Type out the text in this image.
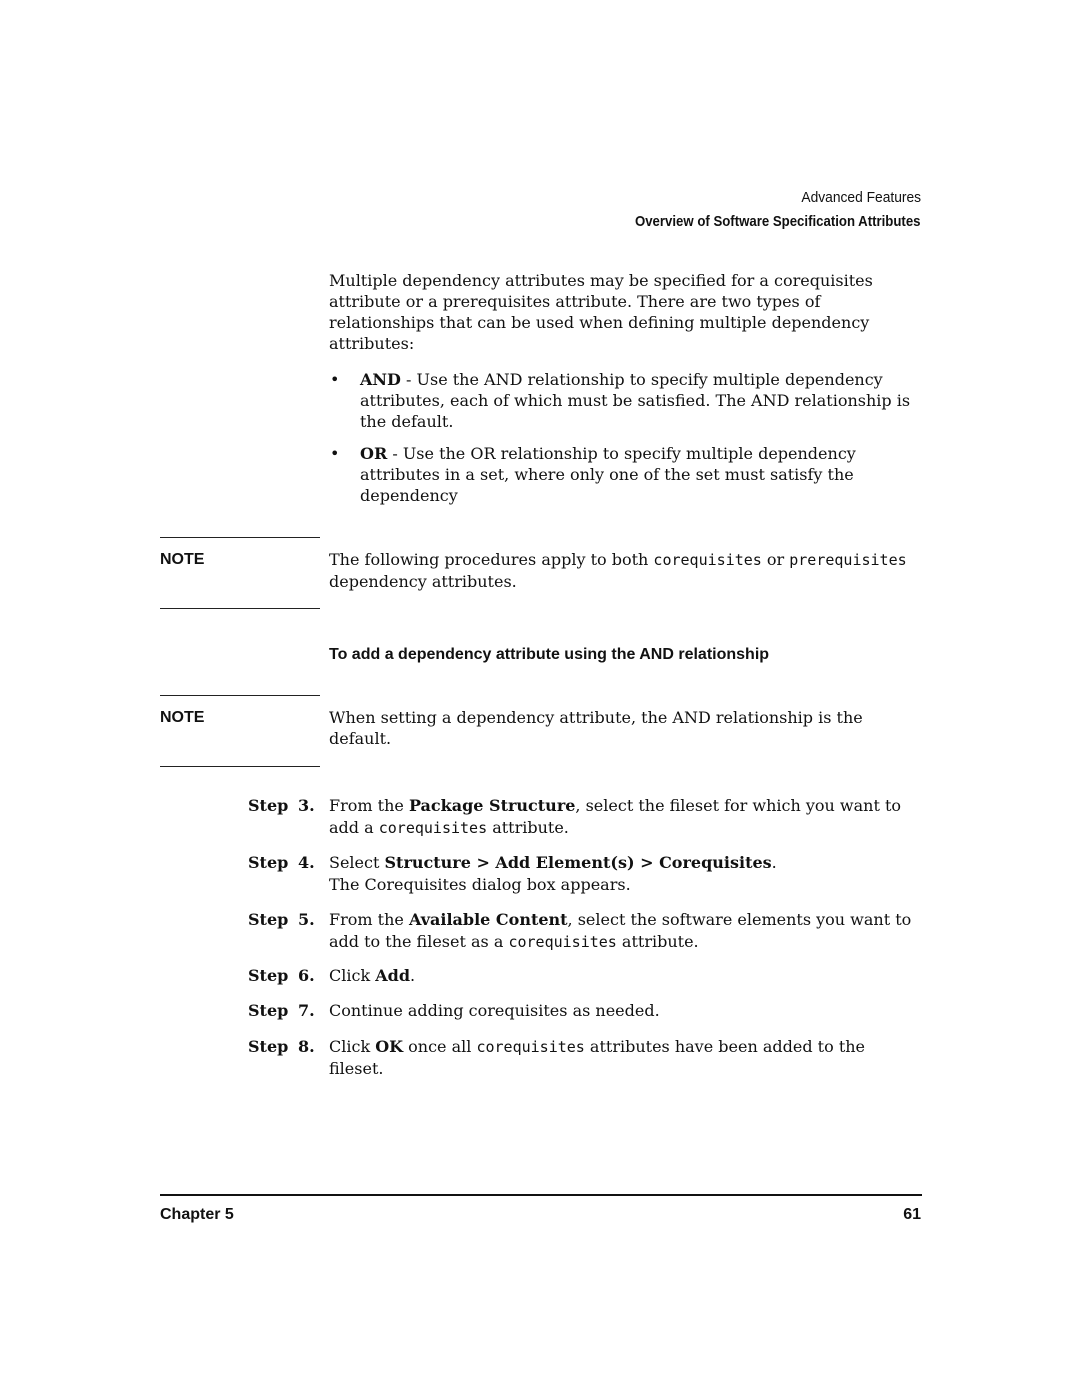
Advanced Features
Overview of Software Specification Attributes
Multiple dependency attributes may be specified for a corequisites attribute or a prerequisites attribute. There are two types of relationships that can be used when defining multiple dependency attributes:
• AND - Use the AND relationship to specify multiple dependency attributes, each of which must be satisfied. The AND relationship is the default.
• OR - Use the OR relationship to specify multiple dependency attributes in a set, where only one of the set must satisfy the dependency
NOTE	The following procedures apply to both corequisites or prerequisites
dependency attributes.
To add a dependency attribute using the AND relationship
NOTE	When setting a dependency attribute, the AND relationship is the default.
Step 3. From the Package Structure, select the fileset for which you want to add a corequisites attribute.
Step 4. Select Structure > Add Element(s) > Corequisites.
The Corequisites dialog box appears.
Step 5. From the Available Content, select the software elements you want to add to the fileset as a corequisites attribute.
Step 6. Click Add.
Step 7. Continue adding corequisites as needed.
Step 8. Click OK once all corequisites attributes have been added to the fileset.
Chapter 5	61
